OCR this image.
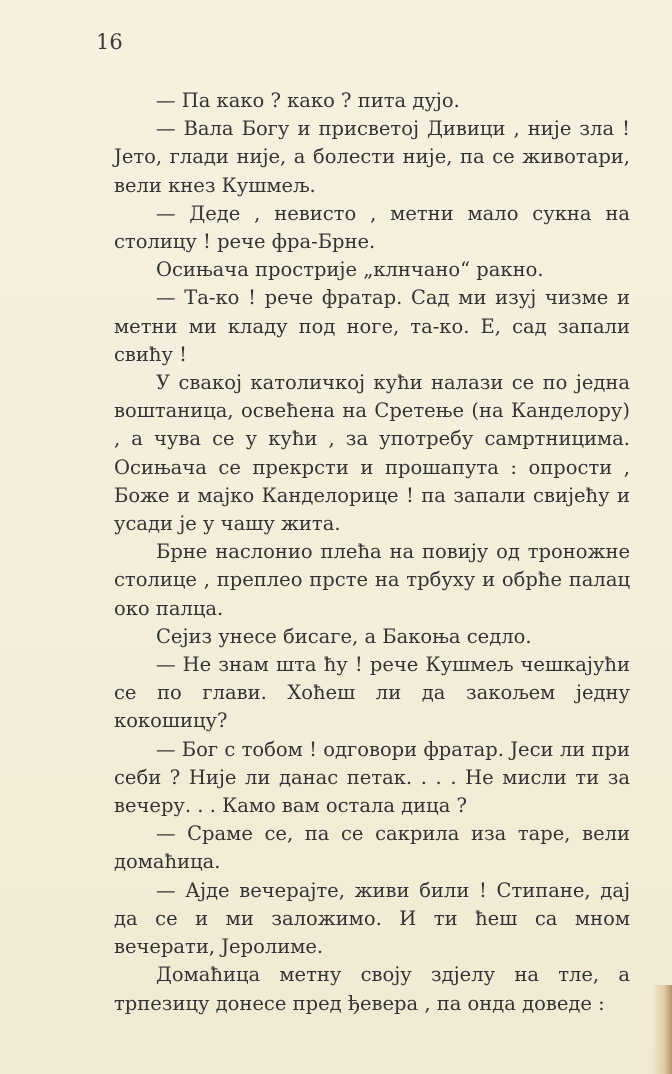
16

— Па како ? како ? пита дујо.

— Вала Богу и присветој Дивици , није зла ! Јето, глади није, а болести није, па се животари, вели кнез Кушмељ.

— Деде , невисто , метни мало сукна на столицу ! рече фра-Брне.

Осињача простриjе „клнчано“ ракно.

— Та-ко ! рече фратар. Сад ми изуј чизме и метни ми кладу под ноге, та-ко. Е, сад запали свиħу !

У свакој католичкој куħи налази се по једна воштаница, освеħена на Сретење (на Канделору) , а чува се у куħи , за употребу самртницима. Осињача се прекрсти и прошапута : опрости , Боже и мајко Канделорице ! па запали свијеħу и усади је у чашу жита.

Брне наслонио плеħа на повију од троножне столице , преплео прсте на трбуху и обрħе палац око палца.

Сејиз унесе бисаге, а Бакоња седло.

— Не знам шта ħу ! рече Кушмељ чешкајуħи се по глави. Хоħеш ли да закољем једну кокошицу?

— Бог с тобом ! одговори фратар. Јеси ли при себи ? Није ли данас петак. . . . Не мисли ти за вечеру. . . Камо вам остала дица ?

— Сраме се, па се сакрила иза таре, вели домаħица.

— Ајде вечерајте, живи били ! Стипане, дај да се и ми заложимо. И ти ħеш са мном вечерати, Јеролиме.

Домаħица метну своју здјелу на тле, а трпезицу донесе пред ђевера , па онда доведе :
